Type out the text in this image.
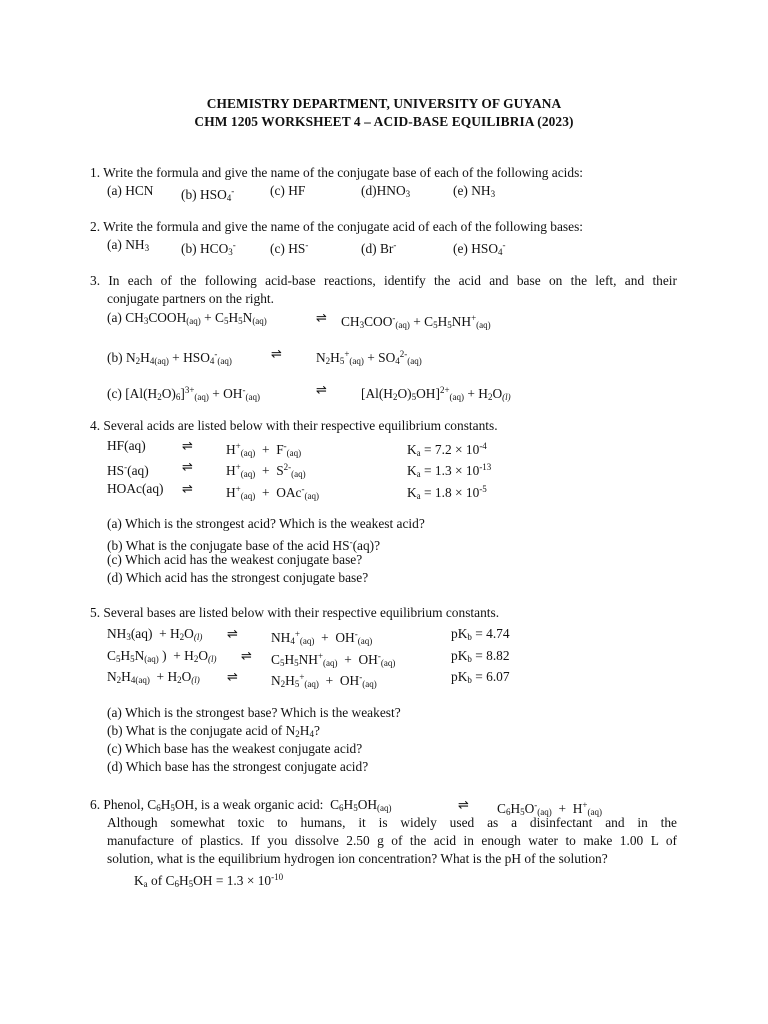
CHEMISTRY DEPARTMENT, UNIVERSITY OF GUYANA
CHM 1205 WORKSHEET 4 – ACID-BASE EQUILIBRIA (2023)
1. Write the formula and give the name of the conjugate base of each of the following acids:
(a) HCN (b) $HSO_4^-$	(c) HF	$(d)HNO_3$	(e) $NH_3$
2. Write the formula and give the name of the conjugate acid of each of the following bases:
(a) $NH_3$ (b) $HCO_3^-$	(c) HS-	(d) Br-	(e) $HSO_4^-$
3. In each of the following acid-base reactions, identify the acid and base on the left, and their
conjugate partners on the right.
(a) $CH_3COOH_{(aq)} + C_5H_5N_{(aq)}$	⇌ $CH_3COO^-_{(aq)} + C_5H_5NH^+_{(aq)}$
(b) $N_2H_{4(aq)} + HSO_4^-_{(aq)}$	⇌	$N_2H_5^+_{(aq)} + SO_4^{2-}_{(aq)}$
(c) $[Al(H_2O)_6]^{3+}_{(aq)} + OH^-_{(aq)}$	⇌	$[Al(H_2O)_5OH]^{2+}_{(aq)} + H_2O_{(l)}$
4. Several acids are listed below with their respective equilibrium constants.
HF(aq)	⇌ $H^+_{(aq)} + F^-_{(aq)}$	$K_a = 7.2 \times 10^{-4}$
HS-(aq)	⇌ $H^+_{(aq)} + S^{2-}_{(aq)}$	$K_a = 1.3 \times 10^{-13}$
HOAc(aq) ⇌ $H^+_{(aq)} + OAc^-_{(aq)}$	$K_a = 1.8 \times 10^{-5}$
(a) Which is the strongest acid? Which is the weakest acid?
(b) What is the conjugate base of the acid HS-(aq)?
(c) Which acid has the weakest conjugate base?
(d) Which acid has the strongest conjugate base?
5. Several bases are listed below with their respective equilibrium constants.
$NH_3(aq) + H_2O_{(l)}$ ⇌ $NH_4^+_{(aq)} + OH^-_{(aq)}$	$pK_b = 4.74$
$C_5H_5N_{(aq)}$ )  + $H_2O_{(l)}$ ⇌ $C_5H_5NH^+_{(aq)} + OH^-_{(aq)}$	$pK_b = 8.82$
$N_2H_{4(aq)} + H_2O_{(l)}$ ⇌ $N_2H_5^+_{(aq)} + OH^-_{(aq)}$	$pK_b = 6.07$
(a) Which is the strongest base? Which is the weakest?
(b) What is the conjugate acid of $N_2H_4$?
(c) Which base has the weakest conjugate acid?
(d) Which base has the strongest conjugate acid?
6. Phenol, $C_6H_5OH$, is a weak organic acid:  $C_6H_5OH_{(aq)}$	⇌ $C_6H_5O^-_{(aq)} + H^+_{(aq)}$
Although somewhat toxic to humans, it is widely used as a disinfectant and in the
manufacture of plastics. If you dissolve 2.50 g of the acid in enough water to make 1.00 L of
solution, what is the equilibrium hydrogen ion concentration? What is the pH of the solution?
$K_a$ of $C_6H_5OH = 1.3 \times 10^{-10}$
